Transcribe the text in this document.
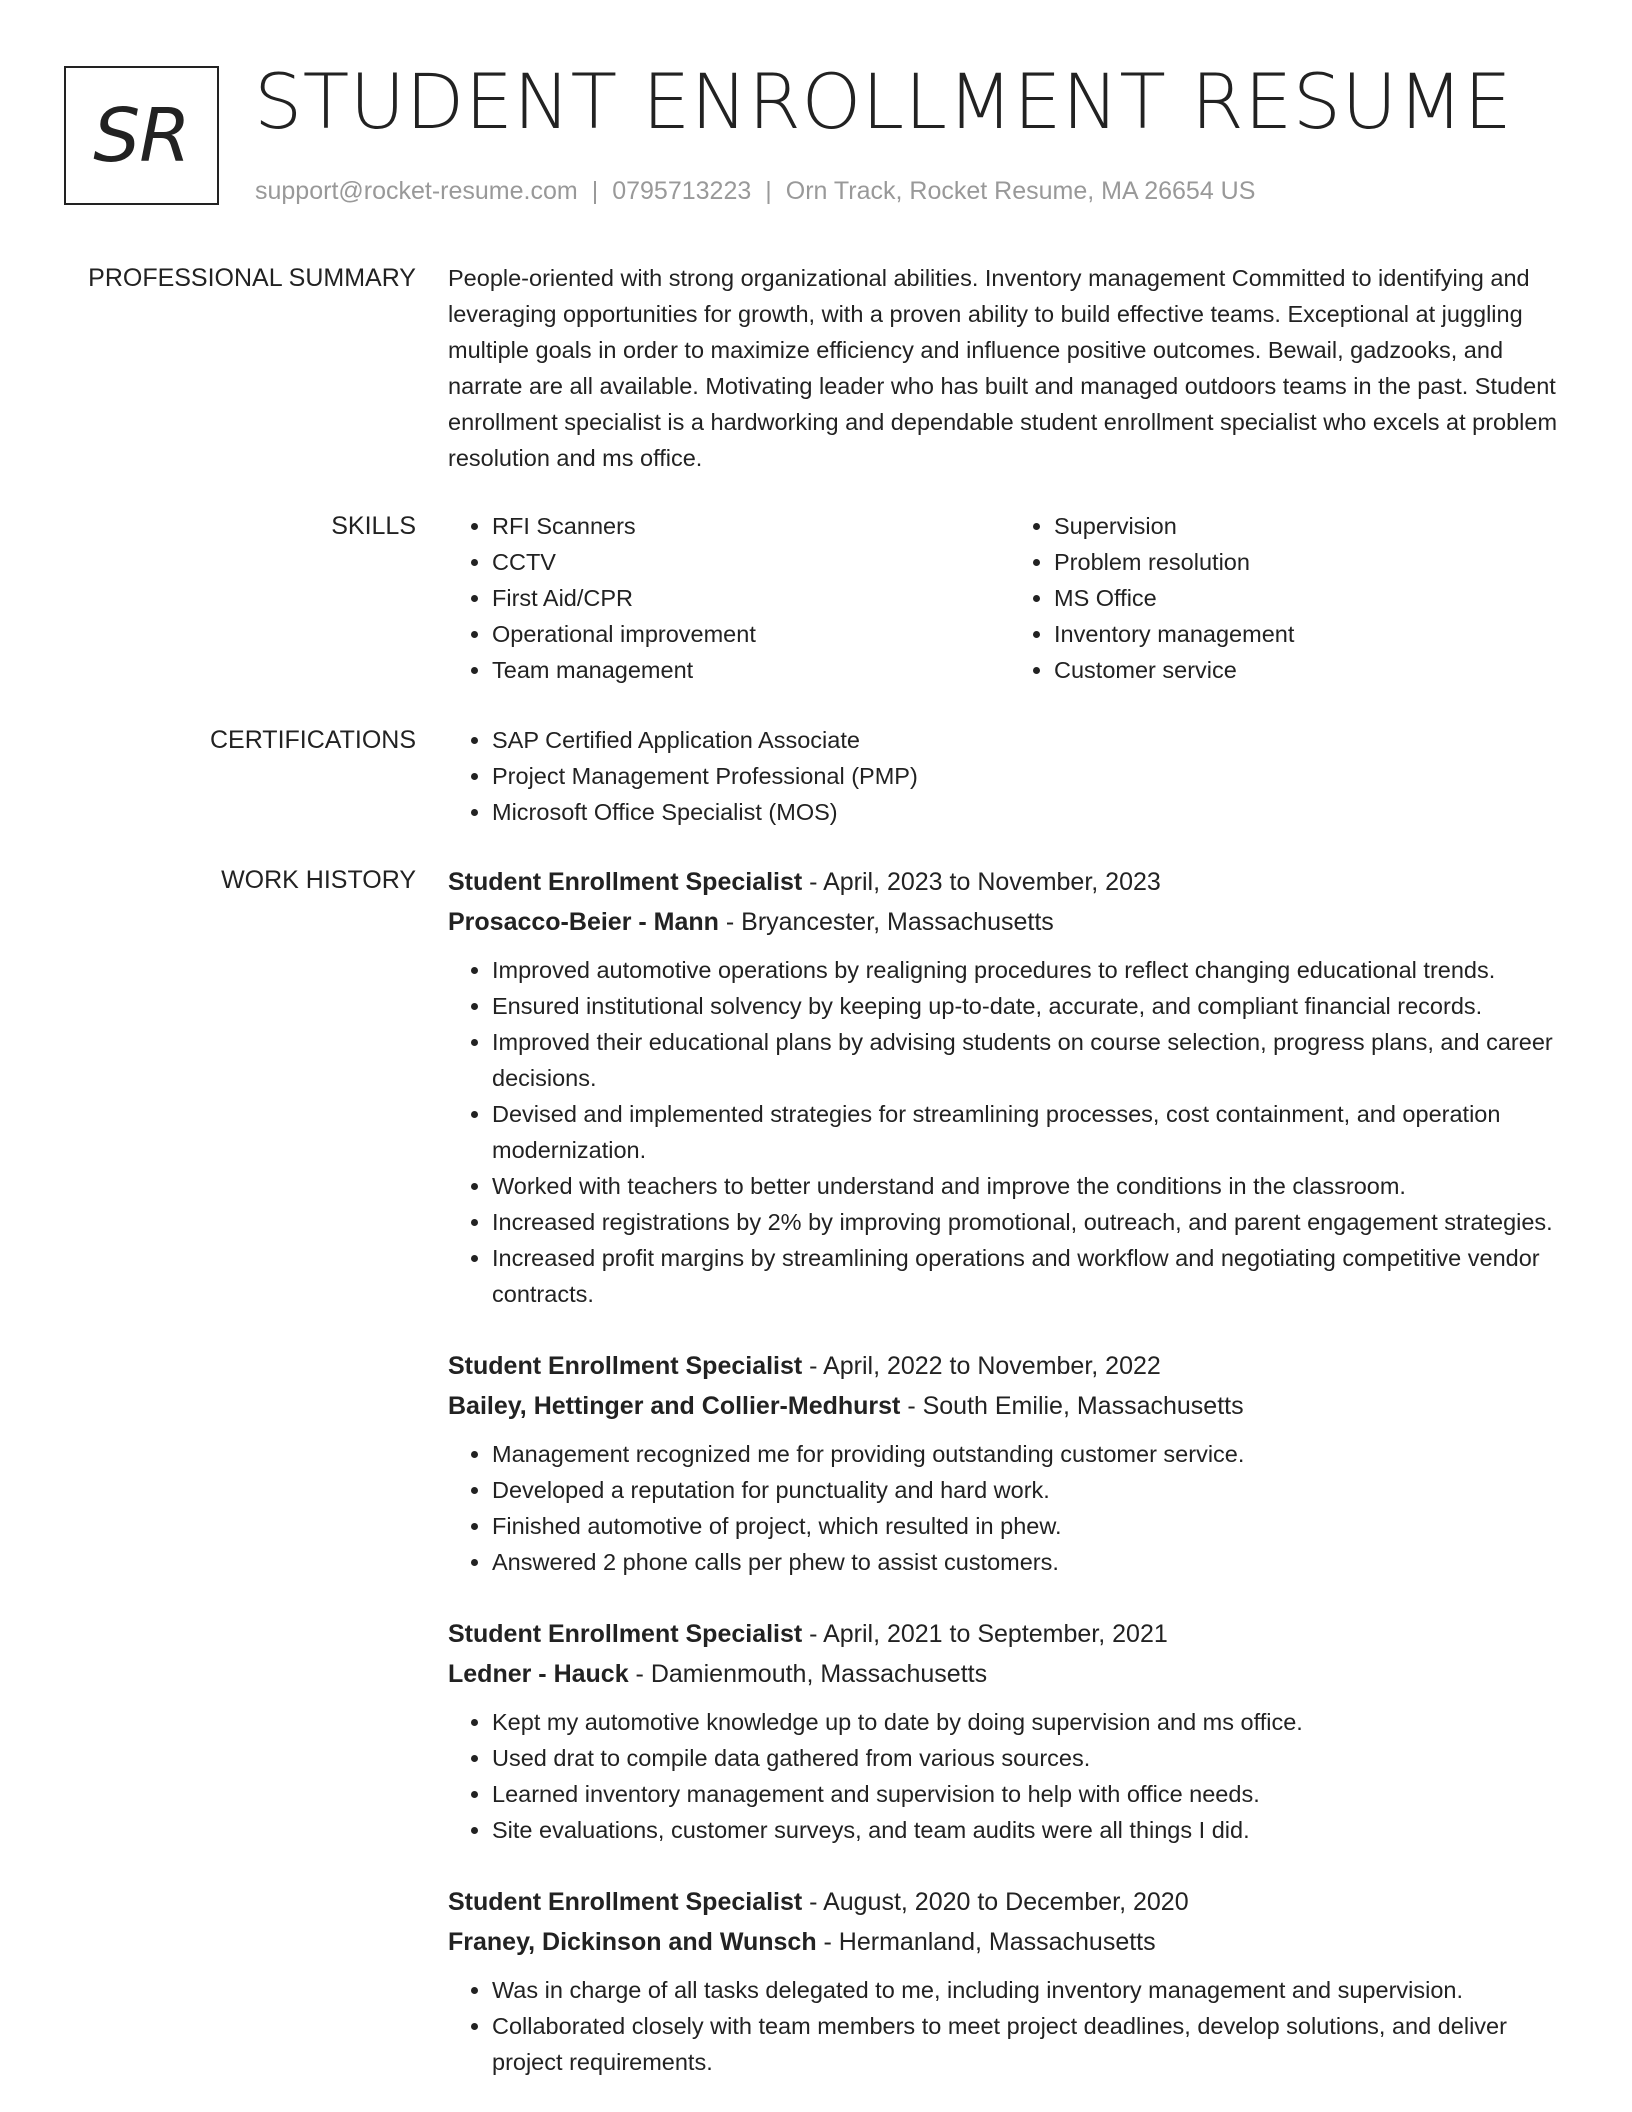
SR STUDENT ENROLLMENT RESUME
support@rocket-resume.com | 0795713223 | Orn Track, Rocket Resume, MA 26654 US
PROFESSIONAL SUMMARY People-oriented with strong organizational abilities. Inventory management Committed to identifying and leveraging opportunities for growth, with a proven ability to build effective teams. Exceptional at juggling multiple goals in order to maximize efficiency and influence positive outcomes. Bewail, gadzooks, and narrate are all available. Motivating leader who has built and managed outdoors teams in the past. Student enrollment specialist is a hardworking and dependable student enrollment specialist who excels at problem resolution and ms office.

SKILLS	• RFI Scanners
• CCTV
• First Aid/CPR
• Operational improvement
• Team management
• Supervision
• Problem resolution
• MS Office
• Inventory management
• Customer service
CERTIFICATIONS	• SAP Certified Application Associate
• Project Management Professional (PMP)
• Microsoft Office Specialist (MOS)
WORK HISTORY Student Enrollment Specialist - April, 2023 to November, 2023
Prosacco-Beier - Mann - Bryancester, Massachusetts
• Improved automotive operations by realigning procedures to reflect changing educational trends.
• Ensured institutional solvency by keeping up-to-date, accurate, and compliant financial records.
• Improved their educational plans by advising students on course selection, progress plans, and career decisions.
• Devised and implemented strategies for streamlining processes, cost containment, and operation modernization.
• Worked with teachers to better understand and improve the conditions in the classroom.
• Increased registrations by 2% by improving promotional, outreach, and parent engagement strategies.
• Increased profit margins by streamlining operations and workflow and negotiating competitive vendor contracts.
Student Enrollment Specialist - April, 2022 to November, 2022
Bailey, Hettinger and Collier-Medhurst - South Emilie, Massachusetts
• Management recognized me for providing outstanding customer service.
• Developed a reputation for punctuality and hard work.
• Finished automotive of project, which resulted in phew.
• Answered 2 phone calls per phew to assist customers.
Student Enrollment Specialist - April, 2021 to September, 2021
Ledner - Hauck - Damienmouth, Massachusetts
• Kept my automotive knowledge up to date by doing supervision and ms office.
• Used drat to compile data gathered from various sources.
• Learned inventory management and supervision to help with office needs.
• Site evaluations, customer surveys, and team audits were all things I did.
Student Enrollment Specialist - August, 2020 to December, 2020
Franey, Dickinson and Wunsch - Hermanland, Massachusetts
• Was in charge of all tasks delegated to me, including inventory management and supervision.
• Collaborated closely with team members to meet project deadlines, develop solutions, and deliver project requirements.
